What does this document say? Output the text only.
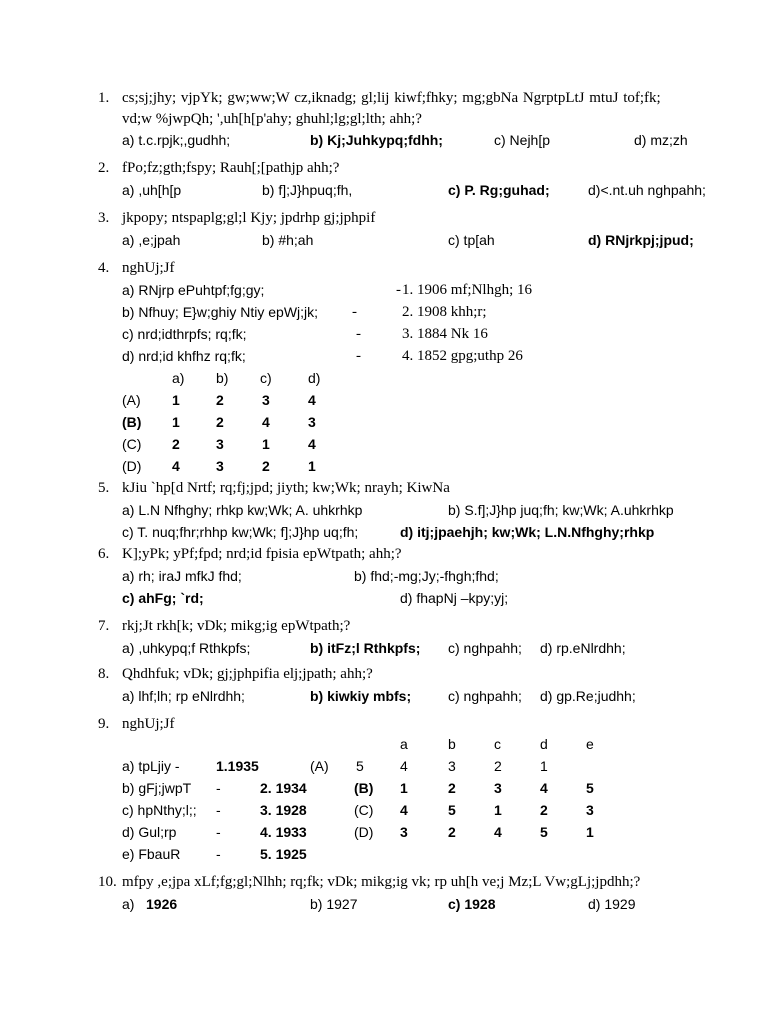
1. cs;sj;jhy; vjpYk; gw;ww;W cz,iknadg; gl;lij kiwf;fhky; mg;gbNa NgrptpLtJ mtuJ tof;fk;
vd;w %jwpQh; ',uh[h[p'ahy; ghuhl;lg;gl;lth; ahh;?
a) t.c.rpjk;,gudhh;	b) Kj;Juhkypq;fdhh;	c) Nejh[p	d) mz;zh
2. fPo;fz;gth;fspy; Rauh[;[pathjp ahh;?
a) ,uh[h[p	b) f];J}hpuq;fh,	c) P. Rg;guhad;	d)<.nt.uh nghpahh;
3. jkpopy; ntspaplg;gl;l Kjy; jpdrhp gj;jphpif
a) ,e;jpah	b) #h;ah	c) tp[ah	d) RNjrkpj;jpud;
4. nghUj;Jf
a) RNjrp ePuhtpf;fg;gy;	- 1. 1906 mf;Nlhgh; 16
b) Nfhuy; E}w;ghiy Ntiy epWj;jk; -	2. 1908 khh;r;
c) nrd;idthrpfs; rq;fk;	-	3. 1884 Nk 16
d) nrd;id khfhz rq;fk;	-	4. 1852 gpg;uthp 26
a) b) c)	d)
(A) 1	2	3	4
(B) 1	2	4	3
(C) 2	3	1	4
(D) 4	3	2	1
5. kJiu `hp[d Nrtf; rq;fj;jpd; jiyth; kw;Wk; nrayh; KiwNa
a) L.N Nfhghy; rhkp kw;Wk; A. uhkrhkp	b) S.f];J}hp juq;fh; kw;Wk; A.uhkrhkp
c) T. nuq;fhr;rhhp kw;Wk; f];J}hp uq;fh;	d) itj;jpaehjh; kw;Wk; L.N.Nfhghy;rhkp
6. K];yPk; yPf;fpd; nrd;id fpisia epWtpath; ahh;?
a) rh; iraJ mfkJ fhd;	b) fhd;-mg;Jy;-fhgh;fhd;
c) ahFg; `rd;	d) fhapNj –kpy;yj;
7. rkj;Jt rkh[k; vDk; mikg;ig epWtpath;?
a) ,uhkypq;f Rthkpfs;	b) itFz;l Rthkpfs; c) nghpahh; d) rp.eNlrdhh;
8. Qhdhfuk; vDk; gj;jphpifia elj;jpath; ahh;?
a) lhf;lh; rp eNlrdhh;	b) kiwkiy mbfs;	c) nghpahh; d) gp.Re;judhh;
9. nghUj;Jf
a	b	c	d	e
a) tpLjiy -	1.1935	(A) 5	4	3	2	1
b) gFj;jwpT -	2. 1934	(B) 1	2	3	4	5
c) hpNthy;l;; -	3. 1928	(C) 4	5	1	2	3
d) Gul;rp	-	4. 1933	(D) 3	2	4	5	1
e) FbauR	-	5. 1925
10. mfpy ,e;jpa xLf;fg;gl;Nlhh; rq;fk; vDk; mikg;ig vk; rp uh[h ve;j Mz;L Vw;gLj;jpdhh;?
a) 1926	b) 1927	c) 1928	d) 1929
